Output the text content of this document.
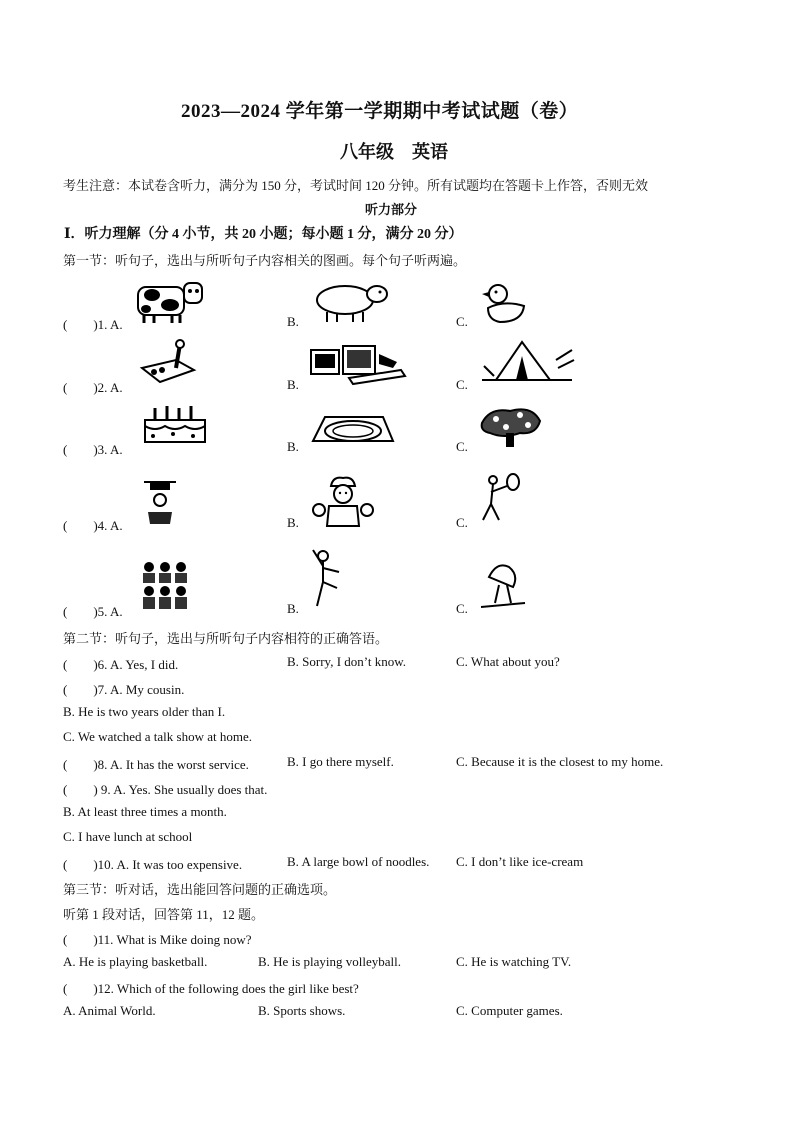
2023—2024 学年第一学期期中考试试题（卷）
八年级    英语
考生注意：本试卷含听力，满分为 150 分，考试时间 120 分钟。所有试题均在答题卡上作答，否则无效
听力部分
Ⅰ．听力理解（分 4 小节，共 20 小题；每小题 1 分，满分 20 分）
第一节：听句子，选出与所听句子内容相关的图画。每个句子听两遍。
(　　)1. A.	B.	C.
(　　)2. A.	B.	C.
(　　)3. A.	B.	C.
(　　)4. A.	B.	C.
(　　)5. A.	B.	C.
第二节：听句子，选出与所听句子内容相符的正确答语。
(　　)6. A. Yes, I did.	B. Sorry, I don’t know.	C. What about you?
(　　)7. A. My cousin.
B. He is two years older than I.
C. We watched a talk show at home.
(　　)8. A. It has the worst service.	B. I go there myself.	C. Because it is the closest to my home.
(　　) 9. A. Yes. She usually does that.
B. At least three times a month.
C. I have lunch at school
(　　)10. A. It was too expensive.	B. A large bowl of noodles. C. I don’t like ice-cream
第三节：听对话，选出能回答问题的正确选项。
听第 1 段对话，回答第 11，12 题。
(　　)11. What is Mike doing now?
A. He is playing basketball.	B. He is playing volleyball.	C. He is watching TV.
(　　)12. Which of the following does the girl like best?
A. Animal World.	B. Sports shows.	C. Computer games.
